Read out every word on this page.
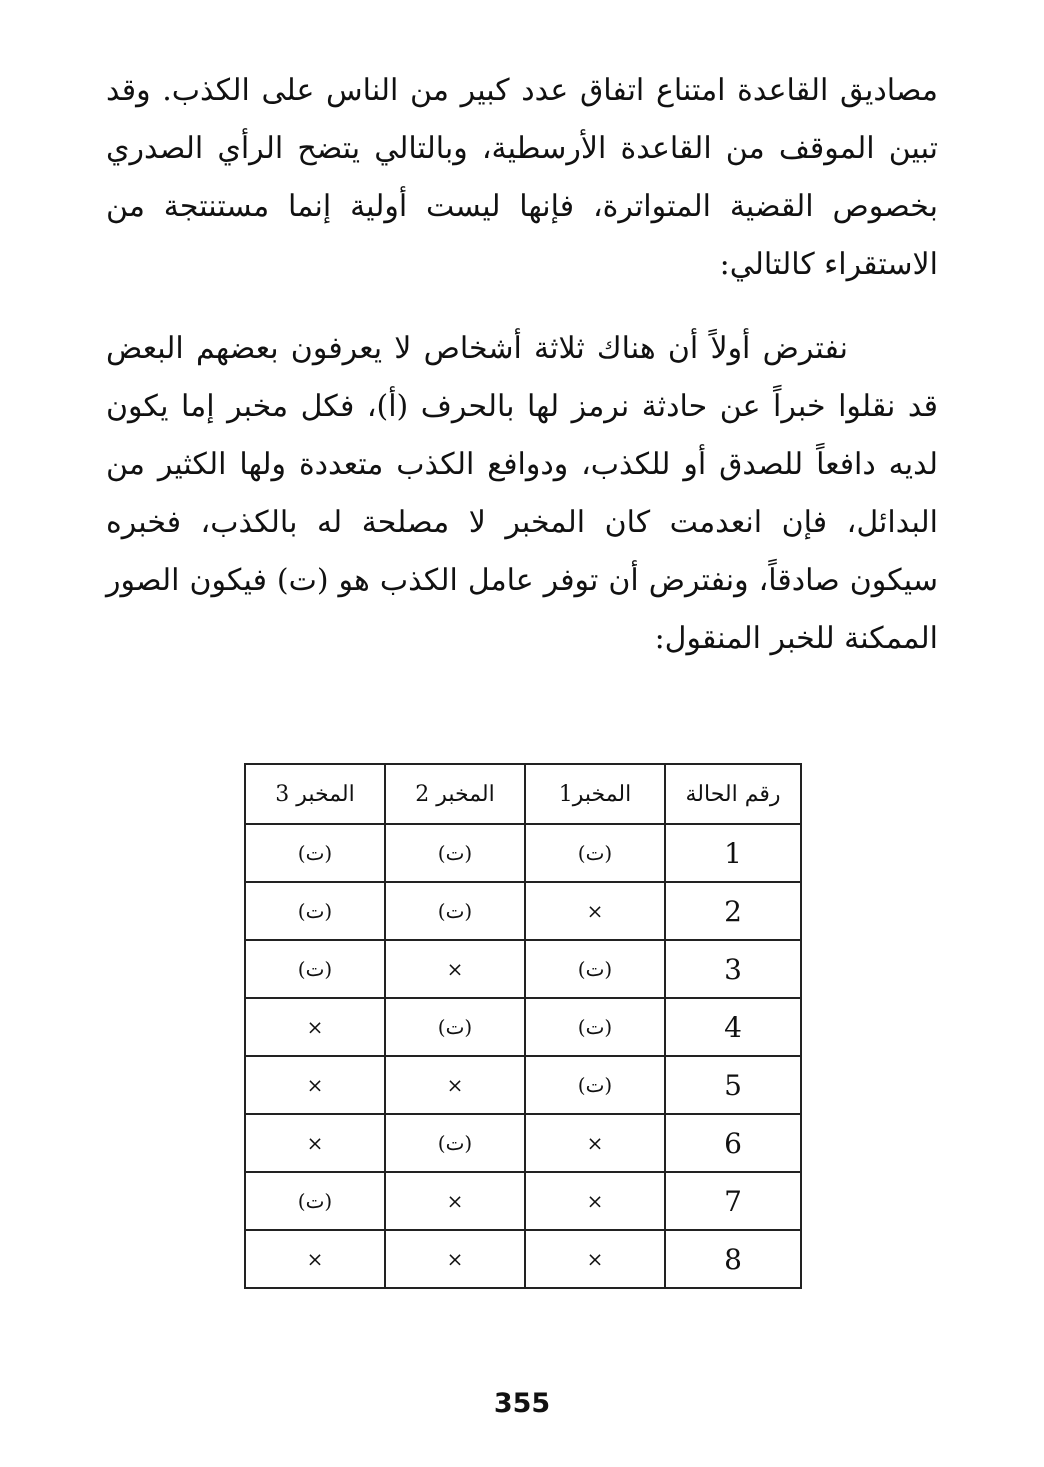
مصاديق القاعدة امتناع اتفاق عدد كبير من الناس على الكذب. وقد تبين الموقف من القاعدة الأرسطية، وبالتالي يتضح الرأي الصدري بخصوص القضية المتواترة، فإنها ليست أولية إنما مستنتجة من الاستقراء كالتالي:

نفترض أولاً أن هناك ثلاثة أشخاص لا يعرفون بعضهم البعض قد نقلوا خبراً عن حادثة نرمز لها بالحرف (أ)، فكل مخبر إما يكون لديه دافعاً للصدق أو للكذب، ودوافع الكذب متعددة ولها الكثير من البدائل، فإن انعدمت كان المخبر لا مصلحة له بالكذب، فخبره سيكون صادقاً، ونفترض أن توفر عامل الكذب هو (ت) فيكون الصور الممكنة للخبر المنقول:

رقم الحالة	المخبر1	المخبر 2	المخبر 3
1	(ت)	(ت)	(ت)
2	×	(ت)	(ت)
3	(ت)	×	(ت)
4	(ت)	(ت)	×
5	(ت)	×	×
6	×	(ت)	×
7	×	×	(ت)
8	×	×	×
355
